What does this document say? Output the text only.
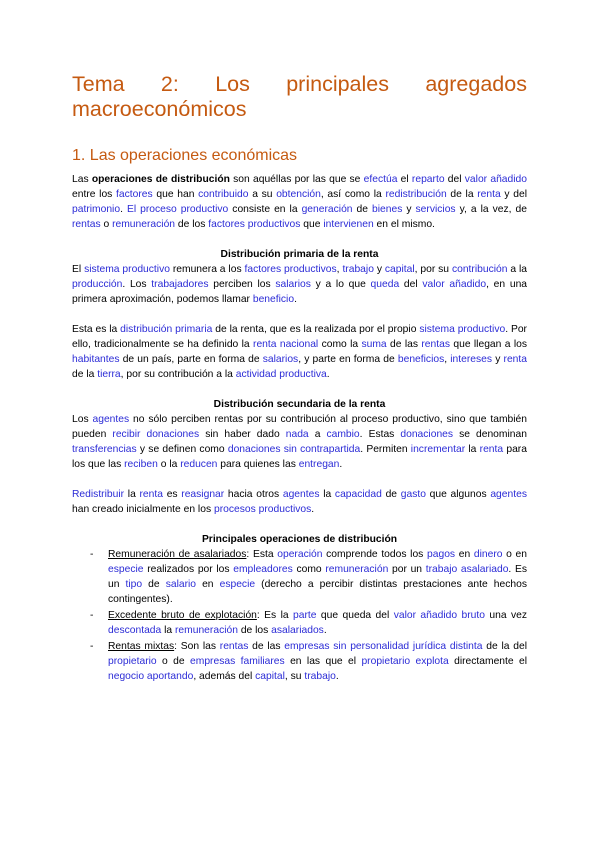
Tema 2: Los principales agregados
macroeconómicos
1. Las operaciones económicas

Las operaciones de distribución son aquéllas por las que se efectúa el reparto del valor añadido entre los factores que han contribuido a su obtención, así como la redistribución de la renta y del patrimonio. El proceso productivo consiste en la generación de bienes y servicios y, a la vez, de rentas o remuneración de los factores productivos que intervienen en el mismo.

Distribución primaria de la renta

El sistema productivo remunera a los factores productivos, trabajo y capital, por su contribución a la producción. Los trabajadores perciben los salarios y a lo que queda del valor añadido, en una primera aproximación, podemos llamar beneficio.

Esta es la distribución primaria de la renta, que es la realizada por el propio sistema productivo. Por ello, tradicionalmente se ha definido la renta nacional como la suma de las rentas que llegan a los habitantes de un país, parte en forma de salarios, y parte en forma de beneficios, intereses y renta de la tierra, por su contribución a la actividad productiva.

Distribución secundaria de la renta

Los agentes no sólo perciben rentas por su contribución al proceso productivo, sino que también pueden recibir donaciones sin haber dado nada a cambio. Estas donaciones se denominan transferencias y se definen como donaciones sin contrapartida. Permiten incrementar la renta para los que las reciben o la reducen para quienes las entregan.

Redistribuir la renta es reasignar hacia otros agentes la capacidad de gasto que algunos agentes han creado inicialmente en los procesos productivos.

Principales operaciones de distribución
- Remuneración de asalariados: Esta operación comprende todos los pagos en dinero o en especie realizados por los empleadores como remuneración por un trabajo asalariado. Es un tipo de salario en especie (derecho a percibir distintas prestaciones ante hechos contingentes).
- Excedente bruto de explotación: Es la parte que queda del valor añadido bruto una vez descontada la remuneración de los asalariados.
- Rentas mixtas: Son las rentas de las empresas sin personalidad jurídica distinta de la del propietario o de empresas familiares en las que el propietario explota directamente el negocio aportando, además del capital, su trabajo.
